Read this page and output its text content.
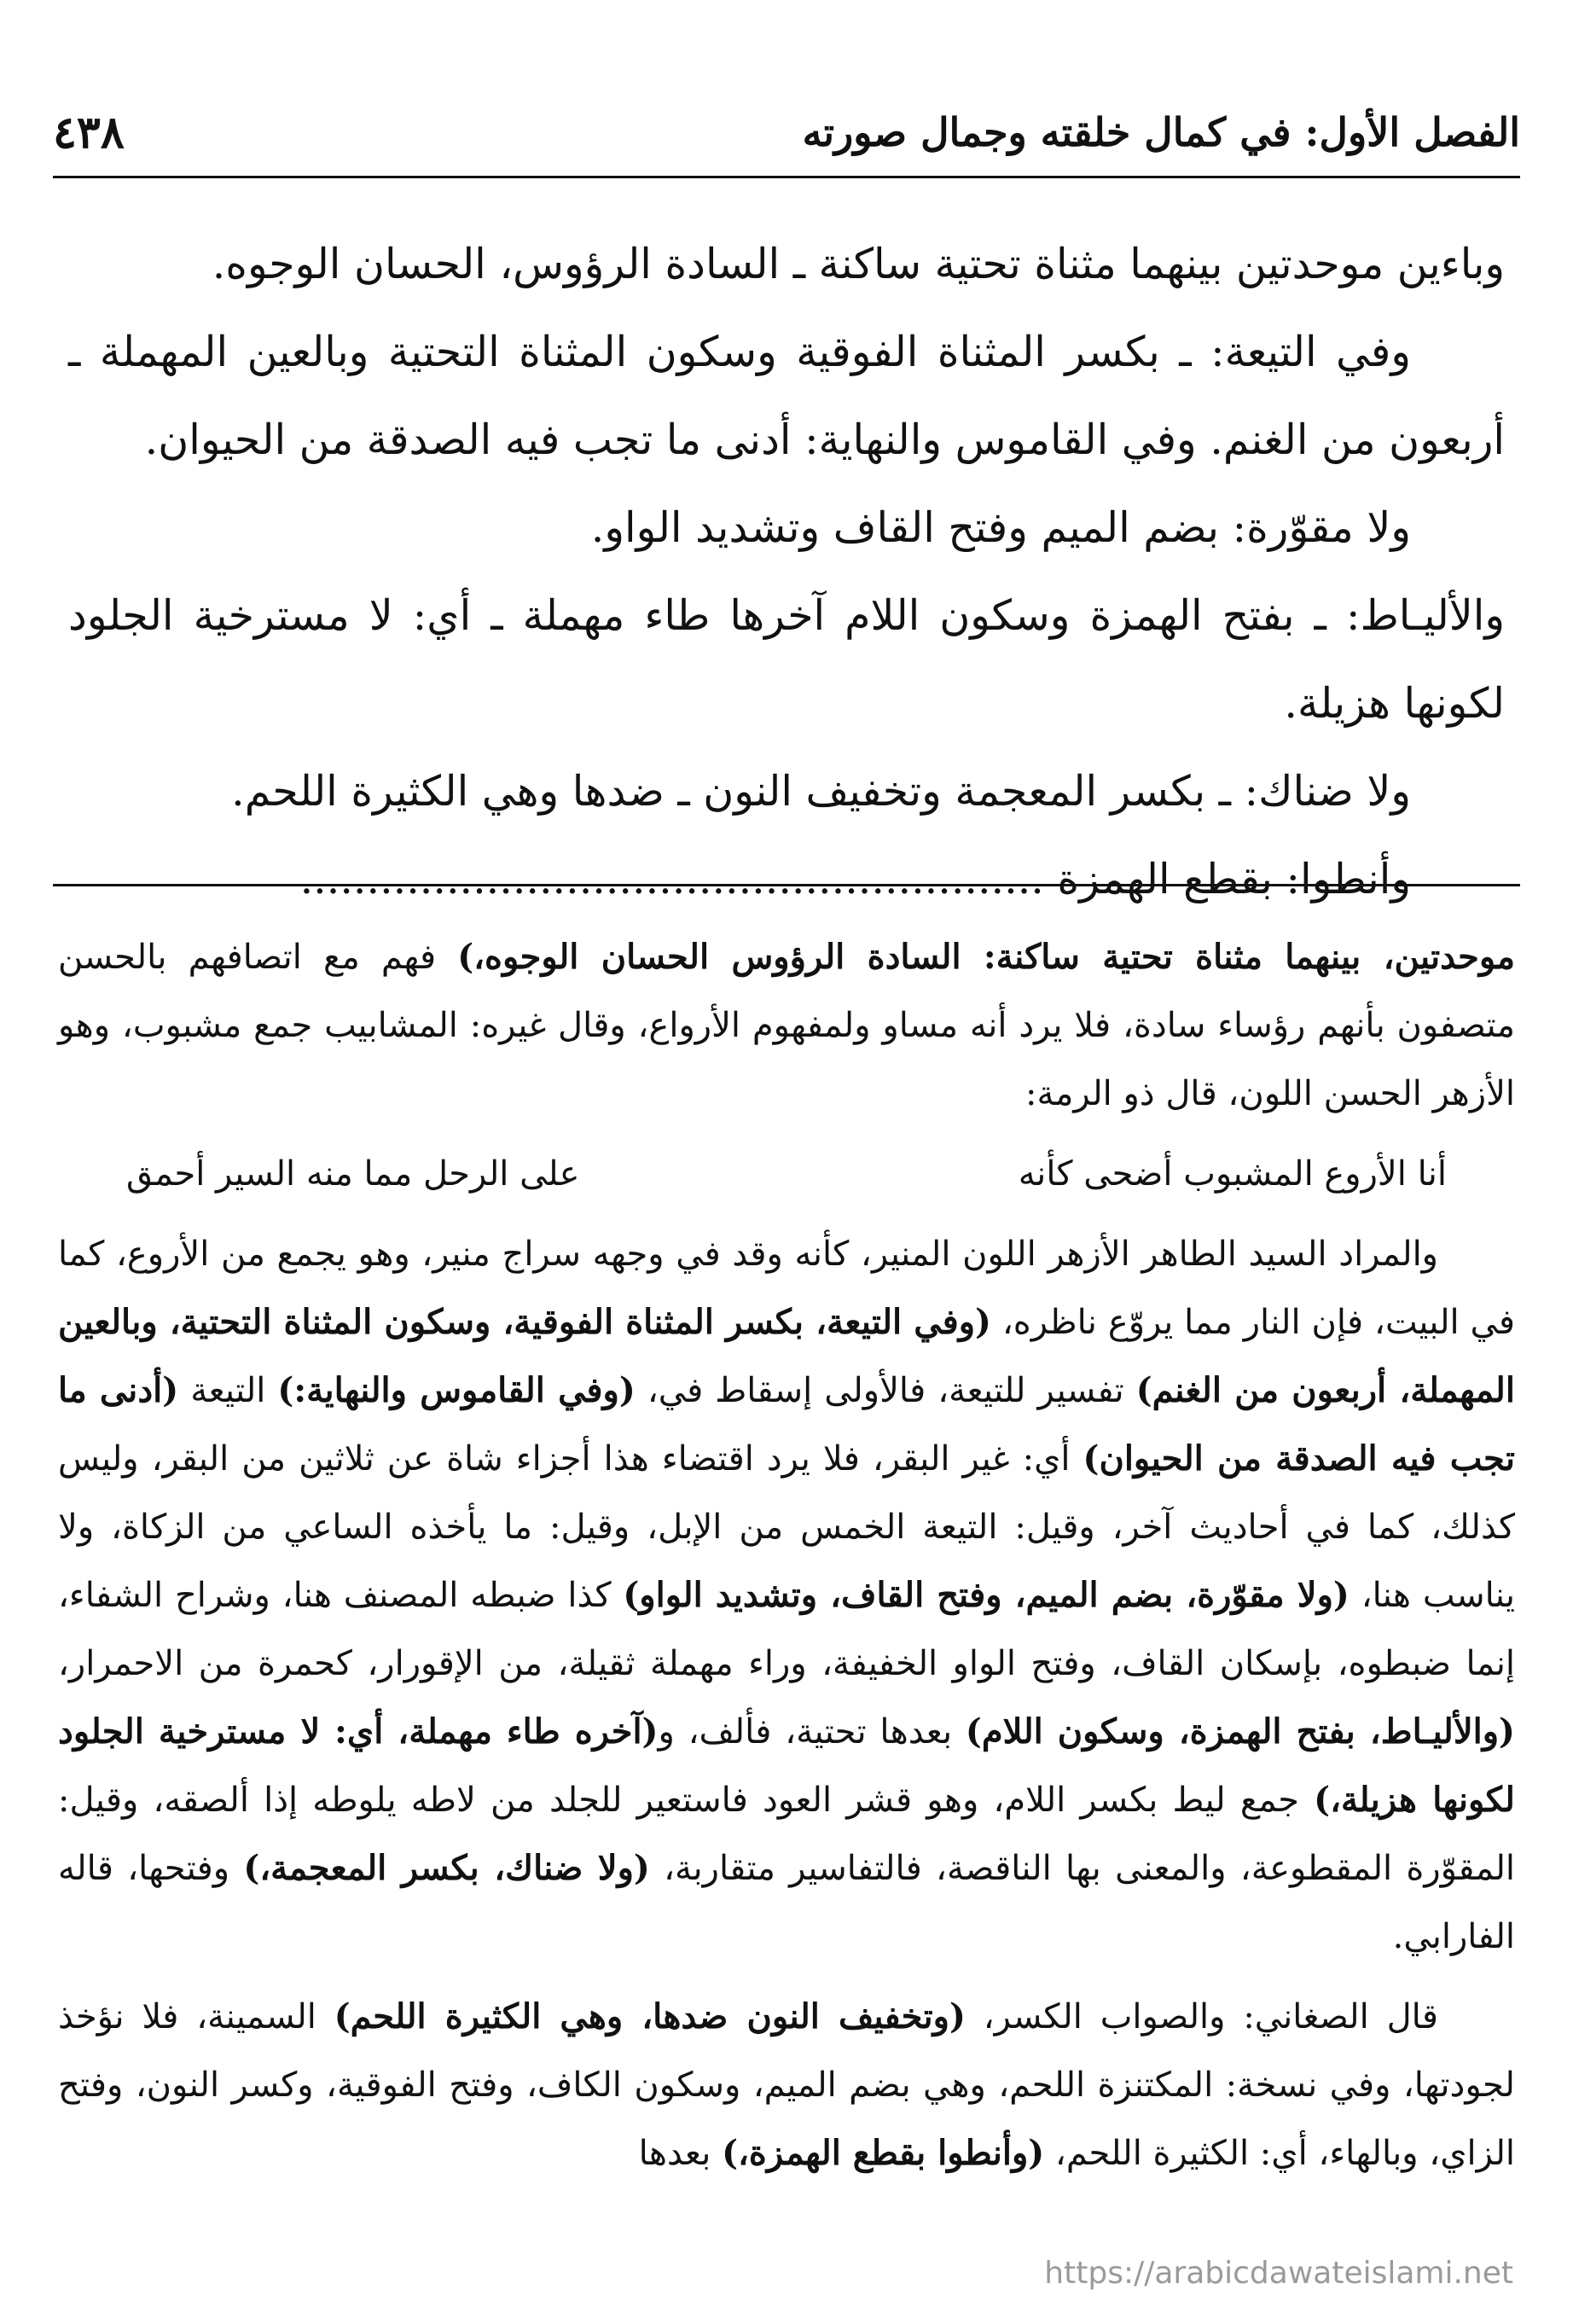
٤٣٨	الفصل الأول: في كمال خلقته وجمال صورته

وباءين موحدتين بينهما مثناة تحتية ساكنة ـ السادة الرؤوس، الحسان الوجوه.

وفي التيعة: ـ بكسر المثناة الفوقية وسكون المثناة التحتية وبالعين المهملة ـ أربعون من الغنم. وفي القاموس والنهاية: أدنى ما تجب فيه الصدقة من الحيوان.

ولا مقوّرة: بضم الميم وفتح القاف وتشديد الواو.

والأليـاط: ـ بفتح الهمزة وسكون اللام آخرها طاء مهملة ـ أي: لا مسترخية الجلود لكونها هزيلة.

ولا ضناك: ـ بكسر المعجمة وتخفيف النون ـ ضدها وهي الكثيرة اللحم.

وأنطوا: بقطع الهمزة ........................................................

موحدتين، بينهما مثناة تحتية ساكنة: السادة الرؤوس الحسان الوجوه،) فهم مع اتصافهم بالحسن متصفون بأنهم رؤساء سادة، فلا يرد أنه مساو ولمفهوم الأرواع، وقال غيره: المشابيب جمع مشبوب، وهو الأزهر الحسن اللون، قال ذو الرمة:

أنا الأروع المشبوب أضحى كأنه
على الرحل مما منه السير أحمق

والمراد السيد الطاهر الأزهر اللون المنير، كأنه وقد في وجهه سراج منير، وهو يجمع من الأروع، كما في البيت، فإن النار مما يروّع ناظره، (وفي التيعة، بكسر المثناة الفوقية، وسكون المثناة التحتية، وبالعين المهملة، أربعون من الغنم) تفسير للتيعة، فالأولى إسقاط في، (وفي القاموس والنهاية:) التيعة (أدنى ما تجب فيه الصدقة من الحيوان) أي: غير البقر، فلا يرد اقتضاء هذا أجزاء شاة عن ثلاثين من البقر، وليس كذلك، كما في أحاديث آخر، وقيل: التيعة الخمس من الإبل، وقيل: ما يأخذه الساعي من الزكاة، ولا يناسب هنا، (ولا مقوّرة، بضم الميم، وفتح القاف، وتشديد الواو) كذا ضبطه المصنف هنا، وشراح الشفاء، إنما ضبطوه، بإسكان القاف، وفتح الواو الخفيفة، وراء مهملة ثقيلة، من الإقورار، كحمرة من الاحمرار، (والأليـاط، بفتح الهمزة، وسكون اللام) بعدها تحتية، فألف، و(آخره طاء مهملة، أي: لا مسترخية الجلود لكونها هزيلة،) جمع ليط بكسر اللام، وهو قشر العود فاستعير للجلد من لاطه يلوطه إذا ألصقه، وقيل: المقوّرة المقطوعة، والمعنى بها الناقصة، فالتفاسير متقاربة، (ولا ضناك، بكسر المعجمة،) وفتحها، قاله الفارابي.

قال الصغاني: والصواب الكسر، (وتخفيف النون ضدها، وهي الكثيرة اللحم) السمينة، فلا نؤخذ لجودتها، وفي نسخة: المكتنزة اللحم، وهي بضم الميم، وسكون الكاف، وفتح الفوقية، وكسر النون، وفتح الزاي، وبالهاء، أي: الكثيرة اللحم، (وأنطوا بقطع الهمزة،) بعدها

https://arabicdawateislami.net
